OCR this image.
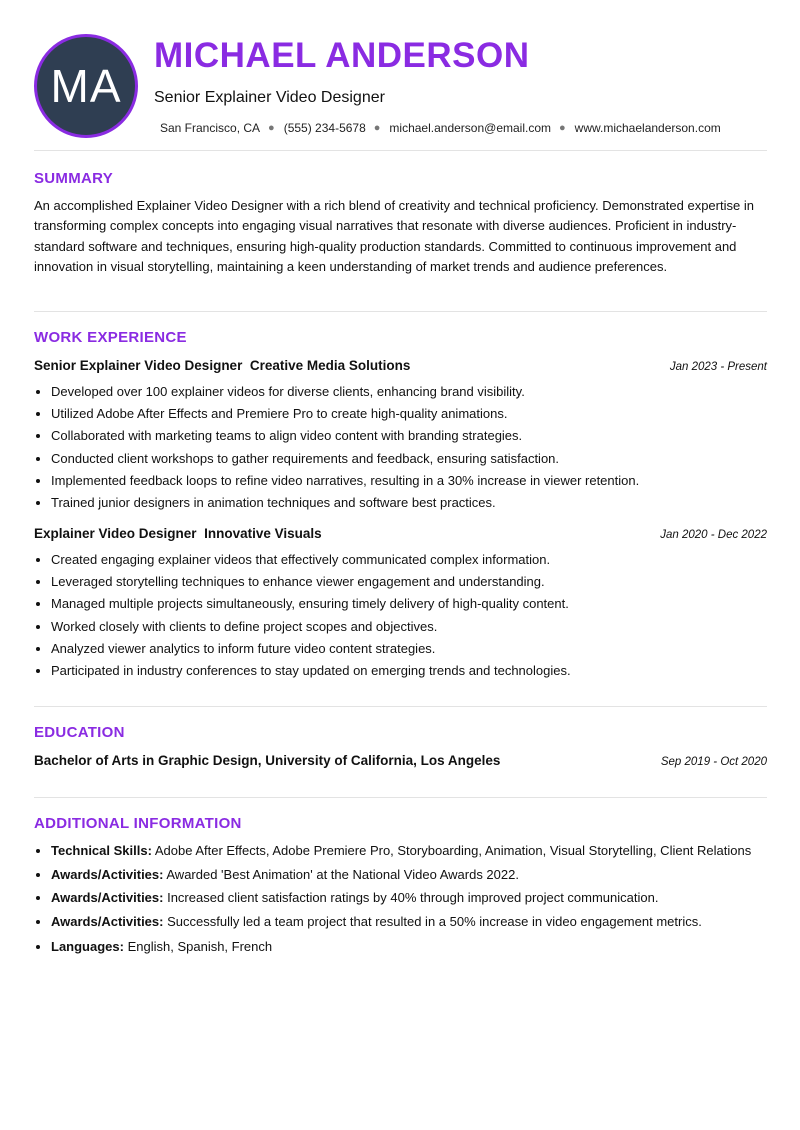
MA
MICHAEL ANDERSON
Senior Explainer Video Designer
San Francisco, CA ● (555) 234-5678 ● michael.anderson@email.com ● www.michaelanderson.com
SUMMARY

An accomplished Explainer Video Designer with a rich blend of creativity and technical proficiency. Demonstrated expertise in transforming complex concepts into engaging visual narratives that resonate with diverse audiences. Proficient in industry-standard software and techniques, ensuring high-quality production standards. Committed to continuous improvement and innovation in visual storytelling, maintaining a keen understanding of market trends and audience preferences.

WORK EXPERIENCE
Senior Explainer Video Designer Creative Media Solutions	Jan 2023 - Present
• Developed over 100 explainer videos for diverse clients, enhancing brand visibility.
• Utilized Adobe After Effects and Premiere Pro to create high-quality animations.
• Collaborated with marketing teams to align video content with branding strategies.
• Conducted client workshops to gather requirements and feedback, ensuring satisfaction.
• Implemented feedback loops to refine video narratives, resulting in a 30% increase in viewer retention.
• Trained junior designers in animation techniques and software best practices.
Explainer Video Designer Innovative Visuals	Jan 2020 - Dec 2022
• Created engaging explainer videos that effectively communicated complex information.
• Leveraged storytelling techniques to enhance viewer engagement and understanding.
• Managed multiple projects simultaneously, ensuring timely delivery of high-quality content.
• Worked closely with clients to define project scopes and objectives.
• Analyzed viewer analytics to inform future video content strategies.
• Participated in industry conferences to stay updated on emerging trends and technologies.
EDUCATION
Bachelor of Arts in Graphic Design, University of California, Los Angeles	Sep 2019 - Oct 2020
ADDITIONAL INFORMATION
• Technical Skills: Adobe After Effects, Adobe Premiere Pro, Storyboarding, Animation, Visual Storytelling, Client Relations
• Awards/Activities: Awarded 'Best Animation' at the National Video Awards 2022.
• Awards/Activities: Increased client satisfaction ratings by 40% through improved project communication.
• Awards/Activities: Successfully led a team project that resulted in a 50% increase in video engagement metrics.
• Languages: English, Spanish, French
